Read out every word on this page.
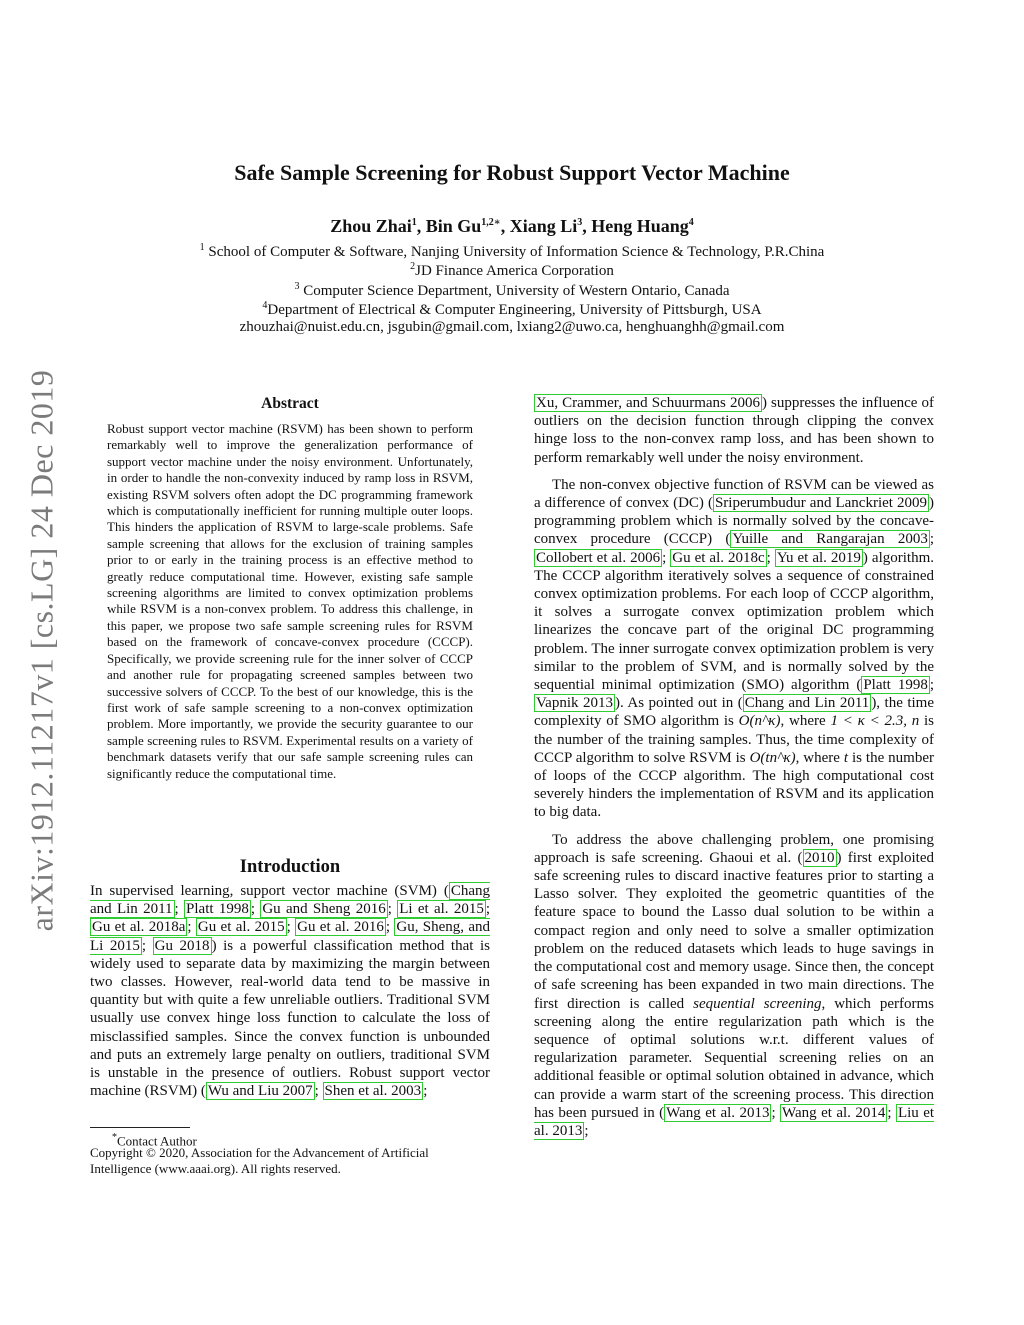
arXiv:1912.11217v1 [cs.LG] 24 Dec 2019
Safe Sample Screening for Robust Support Vector Machine
Zhou Zhai$^1$, Bin $Gu^{1,2∗}$, Xiang Li$^3$, Heng Huang$^4$
$^1$ School of Computer & Software, Nanjing University of Information Science & Technology, P.R.China
$^2$JD Finance America Corporation
$^3$ Computer Science Department, University of Western Ontario, Canada
$^4$Department of Electrical & Computer Engineering, University of Pittsburgh, USA
zhouzhai@nuist.edu.cn, jsgubin@gmail.com, lxiang2@uwo.ca, henghuanghh@gmail.com
Abstract
Robust support vector machine (RSVM) has been shown to perform remarkably well to improve the generalization performance of support vector machine under the noisy environment. Unfortunately, in order to handle the non-convexity induced by ramp loss in RSVM, existing RSVM solvers often adopt the DC programming framework which is computationally inefficient for running multiple outer loops. This hinders the application of RSVM to large-scale problems. Safe sample screening that allows for the exclusion of training samples prior to or early in the training process is an effective method to greatly reduce computational time. However, existing safe sample screening algorithms are limited to convex optimization problems while RSVM is a non-convex problem. To address this challenge, in this paper, we propose two safe sample screening rules for RSVM based on the framework of concave-convex procedure (CCCP). Specifically, we provide screening rule for the inner solver of CCCP and another rule for propagating screened samples between two successive solvers of CCCP. To the best of our knowledge, this is the first work of safe sample screening to a non-convex optimization problem. More importantly, we provide the security guarantee to our sample screening rules to RSVM. Experimental results on a variety of benchmark datasets verify that our safe sample screening rules can significantly reduce the computational time.
Introduction
In supervised learning, support vector machine (SVM) ( Chang and Lin 2011 ; Platt 1998 ; Gu and Sheng 2016 ; Li et al. 2015 ; Gu et al. 2018a ; Gu et al. 2015 ; Gu et al. 2016 ; Gu, Sheng, and Li 2015 ; Gu 2018 ) is a powerful classification method that is widely used to separate data by maximizing the margin between two classes. However, real-world data tend to be massive in quantity but with quite a few unreliable outliers. Traditional SVM usually use convex hinge loss function to calculate the loss of misclassified samples. Since the convex function is unbounded and puts an extremely large penalty on outliers, traditional SVM is unstable in the presence of outliers. Robust support vector machine (RSVM) ( Wu and Liu 2007 ; Shen et al. 2003 ;
*Contact Author
Copyright © 2020, Association for the Advancement of Artificial Intelligence (www.aaai.org). All rights reserved.

Xu, Crammer, and Schuurmans 2006 ) suppresses the influence of outliers on the decision function through clipping the convex hinge loss to the non-convex ramp loss, and has been shown to perform remarkably well under the noisy environment.

The non-convex objective function of RSVM can be viewed as a difference of convex (DC) ( Sriperumbudur and Lanckriet 2009 ) programming problem which is normally solved by the concave-convex procedure (CCCP) ( Yuille and Rangarajan 2003 ; Collobert et al. 2006 ; Gu et al. 2018c ; Yu et al. 2019 ) algorithm. The CCCP algorithm iteratively solves a sequence of constrained convex optimization problems. For each loop of CCCP algorithm, it solves a surrogate convex optimization problem which linearizes the concave part of the original DC programming problem. The inner surrogate convex optimization problem is very similar to the problem of SVM, and is normally solved by the sequential minimal optimization (SMO) algorithm ( Platt 1998 ; Vapnik 2013 ). As pointed out in ( Chang and Lin 2011 ), the time complexity of SMO algorithm is O(n^κ), where 1 < κ < 2.3, n is the number of the training samples. Thus, the time complexity of CCCP algorithm to solve RSVM is O(tn^κ), where t is the number of loops of the CCCP algorithm. The high computational cost severely hinders the implementation of RSVM and its application to big data.

To address the above challenging problem, one promising approach is safe screening. Ghaoui et al. ( 2010 ) first exploited safe screening rules to discard inactive features prior to starting a Lasso solver. They exploited the geometric quantities of the feature space to bound the Lasso dual solution to be within a compact region and only need to solve a smaller optimization problem on the reduced datasets which leads to huge savings in the computational cost and memory usage. Since then, the concept of safe screening has been expanded in two main directions. The first direction is called sequential screening, which performs screening along the entire regularization path which is the sequence of optimal solutions w.r.t. different values of regularization parameter. Sequential screening relies on an additional feasible or optimal solution obtained in advance, which can provide a warm start of the screening process. This direction has been pursued in ( Wang et al. 2013 ; Wang et al. 2014 ; Liu et al. 2013 ;
